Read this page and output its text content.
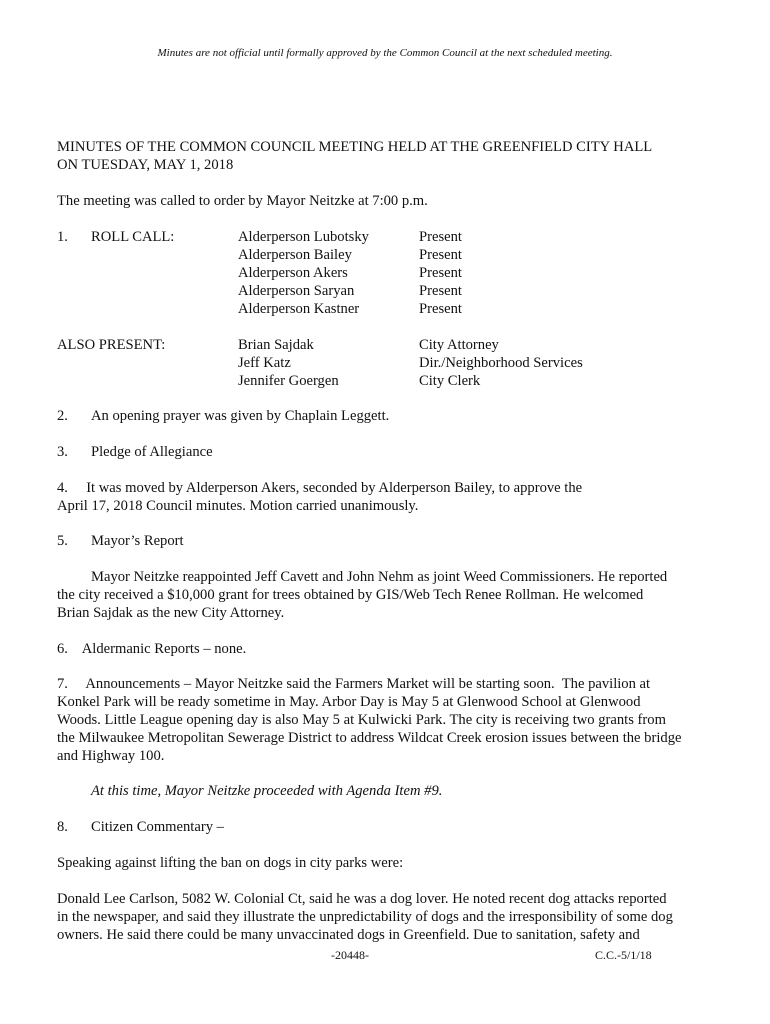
Minutes are not official until formally approved by the Common Council at the next scheduled meeting.
MINUTES OF THE COMMON COUNCIL MEETING HELD AT THE GREENFIELD CITY HALL
ON TUESDAY, MAY 1, 2018
The meeting was called to order by Mayor Neitzke at 7:00 p.m.
1. ROLL CALL:	Alderperson Lubotsky	Present
Alderperson Bailey	Present
Alderperson Akers	Present
Alderperson Saryan	Present
Alderperson Kastner	Present
ALSO PRESENT:	Brian Sajdak	City Attorney
Jeff Katz	Dir./Neighborhood Services
Jennifer Goergen	City Clerk
2. An opening prayer was given by Chaplain Leggett.
3. Pledge of Allegiance
4.     It was moved by Alderperson Akers, seconded by Alderperson Bailey, to approve the
April 17, 2018 Council minutes. Motion carried unanimously.
5. Mayor’s Report
Mayor Neitzke reappointed Jeff Cavett and John Nehm as joint Weed Commissioners. He reported
the city received a $10,000 grant for trees obtained by GIS/Web Tech Renee Rollman. He welcomed
Brian Sajdak as the new City Attorney.
6.    Aldermanic Reports – none.
7.     Announcements – Mayor Neitzke said the Farmers Market will be starting soon.  The pavilion at
Konkel Park will be ready sometime in May. Arbor Day is May 5 at Glenwood School at Glenwood
Woods. Little League opening day is also May 5 at Kulwicki Park. The city is receiving two grants from
the Milwaukee Metropolitan Sewerage District to address Wildcat Creek erosion issues between the bridge
and Highway 100.
At this time, Mayor Neitzke proceeded with Agenda Item #9.
8. Citizen Commentary –
Speaking against lifting the ban on dogs in city parks were:
Donald Lee Carlson, 5082 W. Colonial Ct, said he was a dog lover. He noted recent dog attacks reported
in the newspaper, and said they illustrate the unpredictability of dogs and the irresponsibility of some dog
owners. He said there could be many unvaccinated dogs in Greenfield. Due to sanitation, safety and
-20448-	C.C.-5/1/18
